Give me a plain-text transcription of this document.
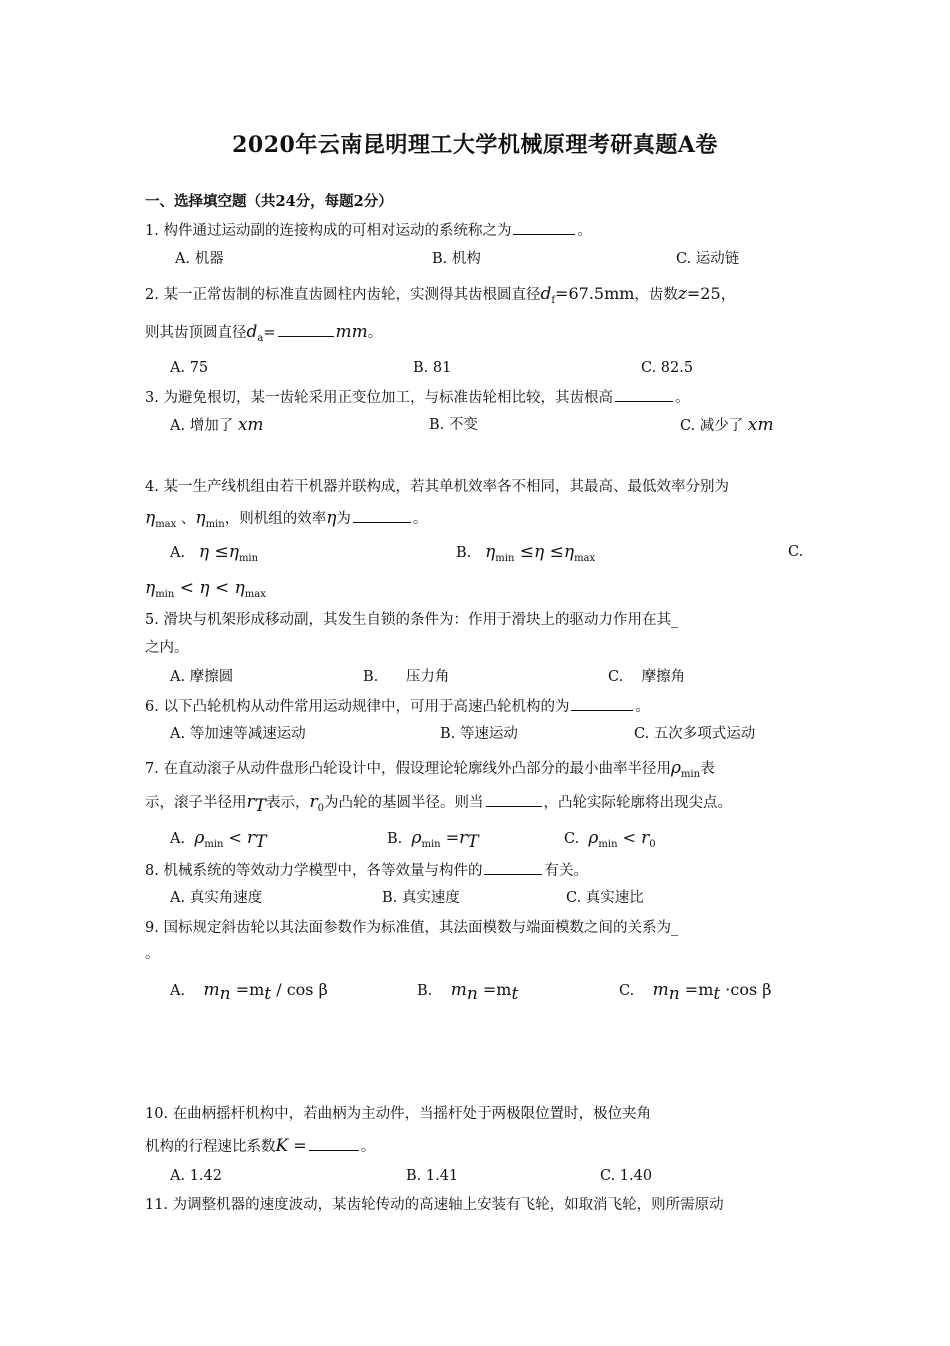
2020年云南昆明理工大学机械原理考研真题A卷
一、选择填空题（共24分，每题2分）
1. 构件通过运动副的连接构成的可相对运动的系统称之为	。
A. 机器	B. 机构	C. 运动链
2. 某一正常齿制的标准直齿圆柱内齿轮，实测得其齿根圆直径$d_f=67.5mm$，齿数z=25，
则其齿顶圆直径$d_a=$	mm。
A. 75	B. 81	C. 82.5
3. 为避免根切，某一齿轮采用正变位加工，与标准齿轮相比较，其齿根高	。
A. 增加了 xm	B. 不变	C. 减少了 xm
4. 某一生产线机组由若干机器并联构成，若其单机效率各不相同，其最高、最低效率分别为
$\eta_{max}$ 、$\eta_{min}$，则机组的效率η为	。
A. $\eta \le\eta_{min}$	B. $\eta_{min} \le\eta \le\eta_{max}$	C.
$\eta_{min} < \eta < \eta_{max}$
5. 滑块与机架形成移动副，其发生自锁的条件为：作用于滑块上的驱动力作用在其_
之内。
A. 摩擦圆	B. 压力角	C. 摩擦角
6. 以下凸轮机构从动件常用运动规律中，可用于高速凸轮机构的为	。
A. 等加速等减速运动	B. 等速运动	C. 五次多项式运动
7. 在直动滚子从动件盘形凸轮设计中，假设理论轮廓线外凸部分的最小曲率半径用$\rho_{min}$表
示，滚子半径用$r_T$表示，$r_0$为凸轮的基圆半径。则当	，凸轮实际轮廓将出现尖点。
A. $\rho_{min} < r_T$	B. $\rho_{min} =r_T$	C. $\rho_{min} < r_0$
8. 机械系统的等效动力学模型中，各等效量与构件的	有关。
A. 真实角速度	B. 真实速度	C. 真实速比
9. 国标规定斜齿轮以其法面参数作为标准值，其法面模数与端面模数之间的关系为_
。
A. $m_n =m_t / \cos \beta$	B. $m_n =m_t$	C. $m_n =m_t \cdot\cos$ β
10. 在曲柄摇杆机构中，若曲柄为主动件，当摇杆处于两极限位置时，极位夹角
机构的行程速比系数K =	。
A. 1.42	B. 1.41	C. 1.40
11. 为调整机器的速度波动，某齿轮传动的高速轴上安装有飞轮，如取消飞轮，则所需原动
